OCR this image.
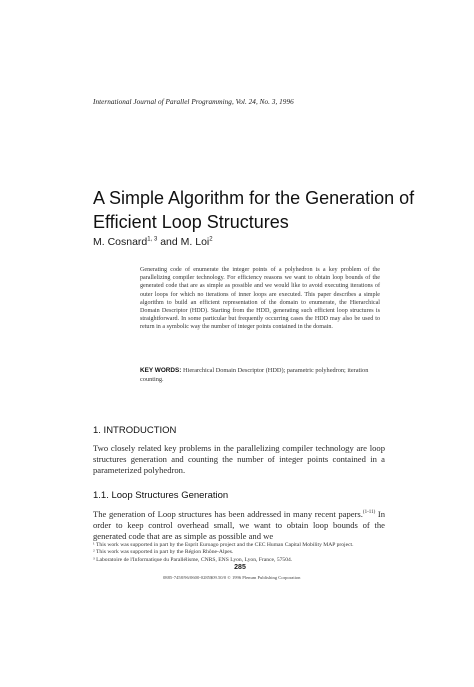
International Journal of Parallel Programming, Vol. 24, No. 3, 1996
A Simple Algorithm for the Generation of Efficient Loop Structures
M. Cosnard$^{1, 3}$ and M. Loi$^2$
Generating code of enumerate the integer points of a polyhedron is a key problem of the parallelizing compiler technology. For efficiency reasons we want to obtain loop bounds of the generated code that are as simple as possible and we would like to avoid executing iterations of outer loops for which no iterations of inner loops are executed. This paper describes a simple algorithm to build an efficient representation of the domain to enumerate, the Hierarchical Domain Descriptor (HDD). Starting from the HDD, generating such efficient loop structures is straightforward. In some particular but frequently occurring cases the HDD may also be used to return in a symbolic way the number of integer points contained in the domain.
KEY WORDS: Hierarchical Domain Descriptor (HDD); parametric polyhedron; iteration counting.
1. INTRODUCTION
Two closely related key problems in the parallelizing compiler technology are loop structures generation and counting the number of integer points contained in a parameterized polyhedron.
1.1. Loop Structures Generation
The generation of Loop structures has been addressed in many recent papers.$^{(1-11)}$ In order to keep control overhead small, we want to obtain loop bounds of the generated code that are as simple as possible and we

¹ This work was supported in part by the Esprit Euroago project and the CEC Human Capital Mobility MAP project.

² This work was supported in part by the Région Rhône-Alpes.

³ Laboratoire de l'Informatique du Parallélisme, CNRS, ENS Lyon, Lyon, France, 57504.

285
0885-7458/96/0600-0285$09.50/0 © 1996 Plenum Publishing Corporation
